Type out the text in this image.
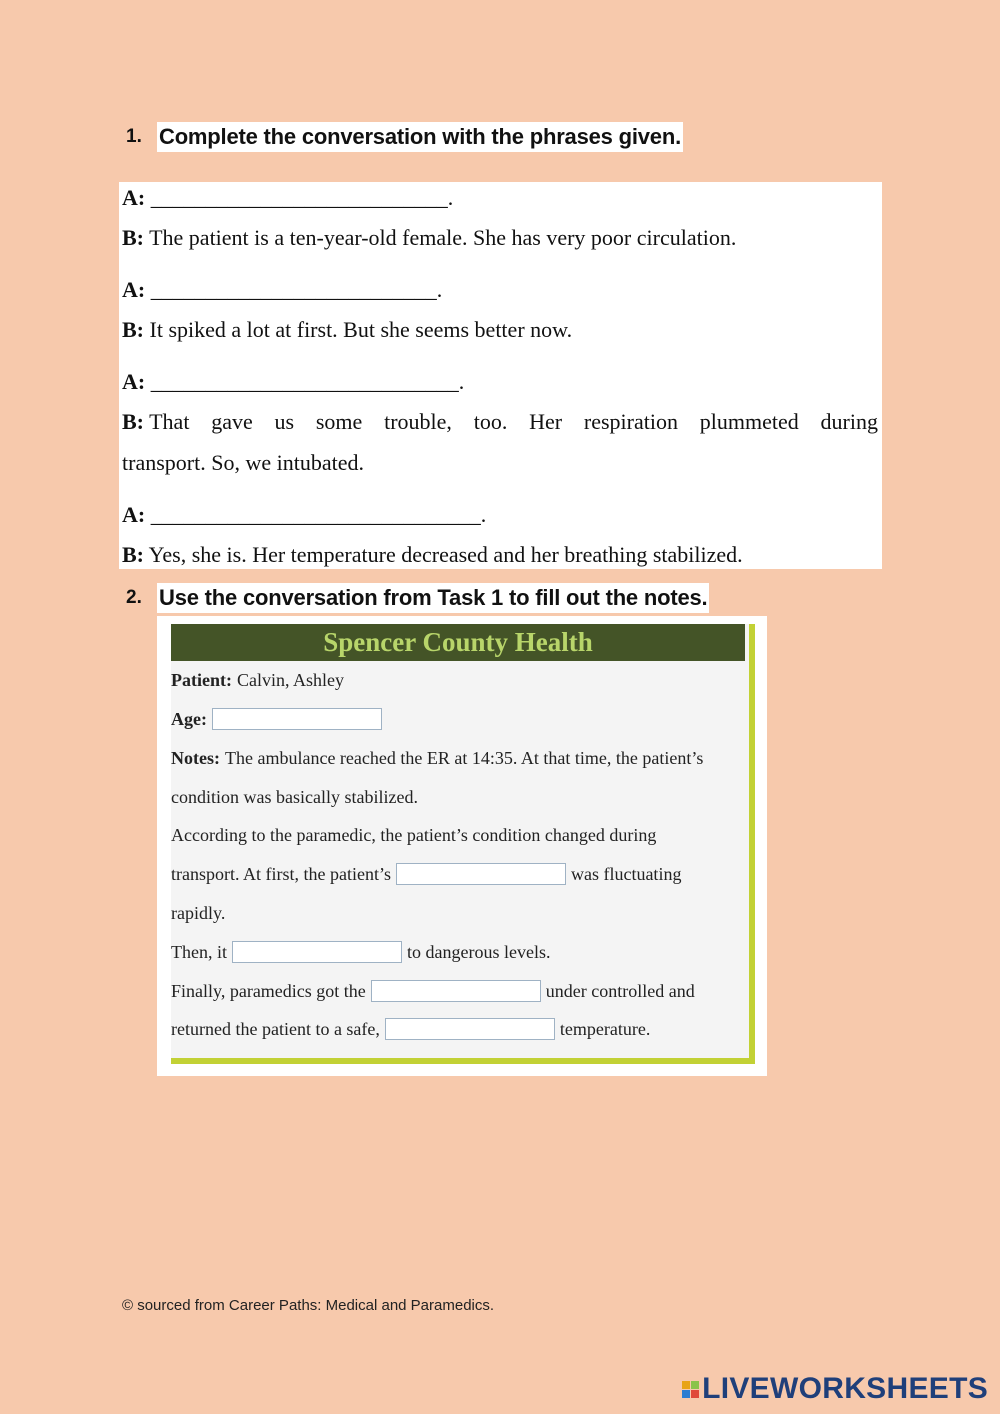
1. Complete the conversation with the phrases given.
A: ___________________________.
B: The patient is a ten-year-old female. She has very poor circulation.
A: __________________________.
B: It spiked a lot at first. But she seems better now.
A: ____________________________.
B: That gave us some trouble, too. Her respiration plummeted during
transport. So, we intubated.
A: ______________________________.
B: Yes, she is. Her temperature decreased and her breathing stabilized.
2. Use the conversation from Task 1 to fill out the notes.
Spencer County Health
Patient: Calvin, Ashley
Age:
Notes: The ambulance reached the ER at 14:35. At that time, the patient’s
condition was basically stabilized.
According to the paramedic, the patient’s condition changed during
transport. At first, the patient’s	was fluctuating
rapidly.
Then, it	to dangerous levels.
Finally, paramedics got the	under controlled and
returned the patient to a safe,	temperature.
© sourced from Career Paths: Medical and Paramedics.
LIVEWORKSHEETS
